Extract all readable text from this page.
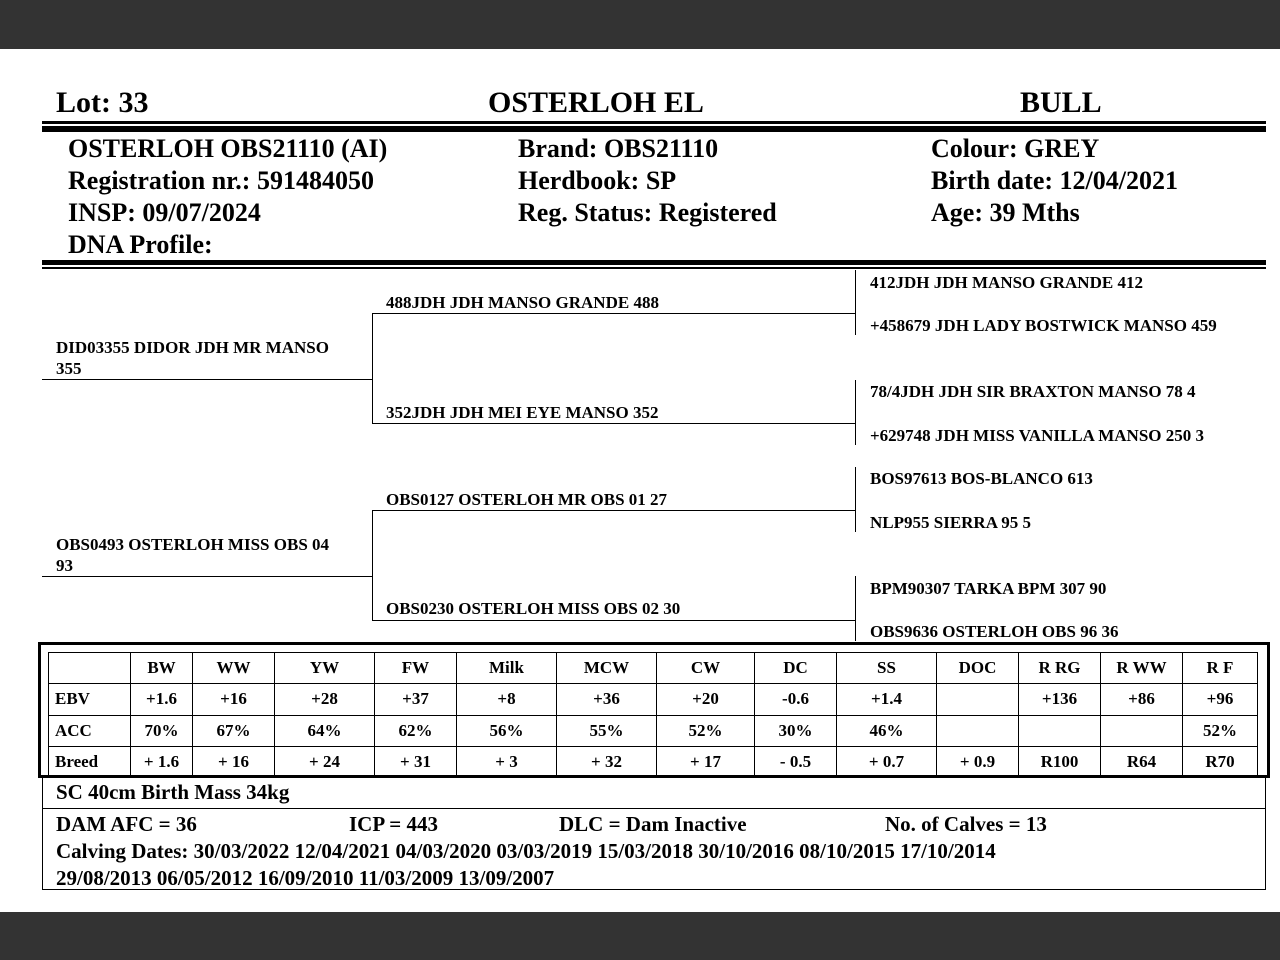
Lot: 33	OSTERLOH EL	BULL
OSTERLOH OBS21110 (AI)
Registration nr.: 591484050
INSP: 09/07/2024
DNA Profile:
Brand: OBS21110
Herdbook: SP
Reg. Status: Registered
Colour: GREY
Birth date: 12/04/2021
Age: 39 Mths
DID03355 DIDOR JDH MR MANSO
355
OBS0493 OSTERLOH MISS OBS 04
93
488JDH JDH MANSO GRANDE 488
352JDH JDH MEI EYE MANSO 352
OBS0127 OSTERLOH MR OBS 01 27
OBS0230 OSTERLOH MISS OBS 02 30
412JDH JDH MANSO GRANDE 412
+458679 JDH LADY BOSTWICK MANSO 459
78/4JDH JDH SIR BRAXTON MANSO 78 4
+629748 JDH MISS VANILLA MANSO 250 3
BOS97613 BOS-BLANCO 613
NLP955 SIERRA 95 5
BPM90307 TARKA BPM 307 90
OBS9636 OSTERLOH OBS 96 36
	BW	WW	YW	FW	Milk	MCW	CW	DC	SS	DOC	R RG	R WW	R F
EBV	+1.6	+16	+28	+37	+8	+36	+20	-0.6	+1.4		+136	+86	+96
ACC	70%	67%	64%	62%	56%	55%	52%	30%	46%				52%
Breed	+ 1.6	+ 16	+ 24	+ 31	+ 3	+ 32	+ 17	- 0.5	+ 0.7	+ 0.9	R100	R64	R70
SC 40cm Birth Mass 34kg
DAM AFC = 36	ICP = 443	DLC = Dam Inactive	No. of Calves = 13
Calving Dates: 30/03/2022 12/04/2021 04/03/2020 03/03/2019 15/03/2018 30/10/2016 08/10/2015 17/10/2014
29/08/2013 06/05/2012 16/09/2010 11/03/2009 13/09/2007
